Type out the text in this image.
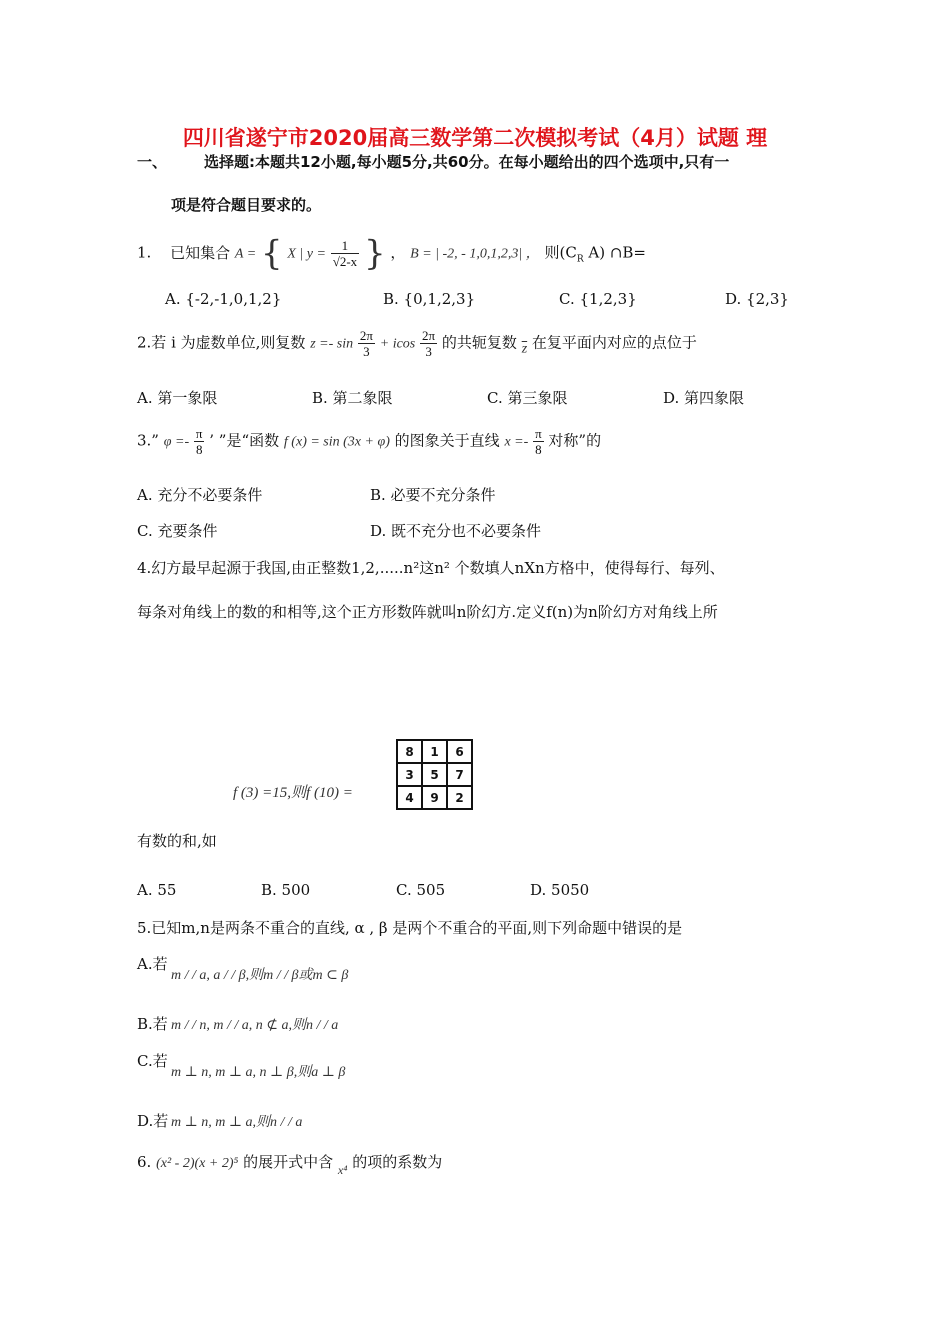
四川省遂宁市2020届高三数学第二次模拟考试（4月）试题 理
一、 选择题:本题共12小题,每小题5分,共60分。在每小题给出的四个选项中,只有一
项是符合题目要求的。
1. 已知集合 A = { X | $y = \frac{1}{√2-x}$ } ， B = | -2, - 1,0,1,2,3| ， 则($C_R$ A) ∩B=
A. {-2,-1,0,1,2}	B. {0,1,2,3}	C. {1,2,3}	D. {2,3}
2.若 i 为虚数单位,则复数 $z =- \sin \frac{2\pi}{3} + icos \frac{2\pi}{3}$ 的共轭复数 $\overline{z}$ 在复平面内对应的点位于
A. 第一象限	B. 第二象限	C. 第三象限	D. 第四象限
3.” $\varphi =- \frac{\pi}{8}$ ’ ”是“函数 f (x) = sin (3x + φ) 的图象关于直线 $x =- \frac{\pi}{8}$ 对称”的
A. 充分不必要条件	B. 必要不充分条件
C. 充要条件	D. 既不充分也不必要条件
4.幻方最早起源于我国,由正整数1,2,.....n²这n² 个数填人nXn方格中，使得每行、每列、
每条对角线上的数的和相等,这个正方形数阵就叫n阶幻方.定义f(n)为n阶幻方对角线上所
f (3) =15,则f (10) =
8	1	6
3	5	7
4	9	2
有数的和,如
A. 55	B. 500	C. 505	D. 5050
5.已知m,n是两条不重合的直线, α , β 是两个不重合的平面,则下列命题中错误的是
A.若
m / / a, a / / β,则m / / β或m ⊂ β
B.若 m / / n, m / / a, n ⊄ a,则n / / a
C.若
m ⊥ n, m ⊥ a, n ⊥ β,则a ⊥ β
D.若 m ⊥ n, m ⊥ a,则n / / a
6. (x² - 2)(x + 2)⁵ 的展开式中含 $_{x^4}$ 的项的系数为
